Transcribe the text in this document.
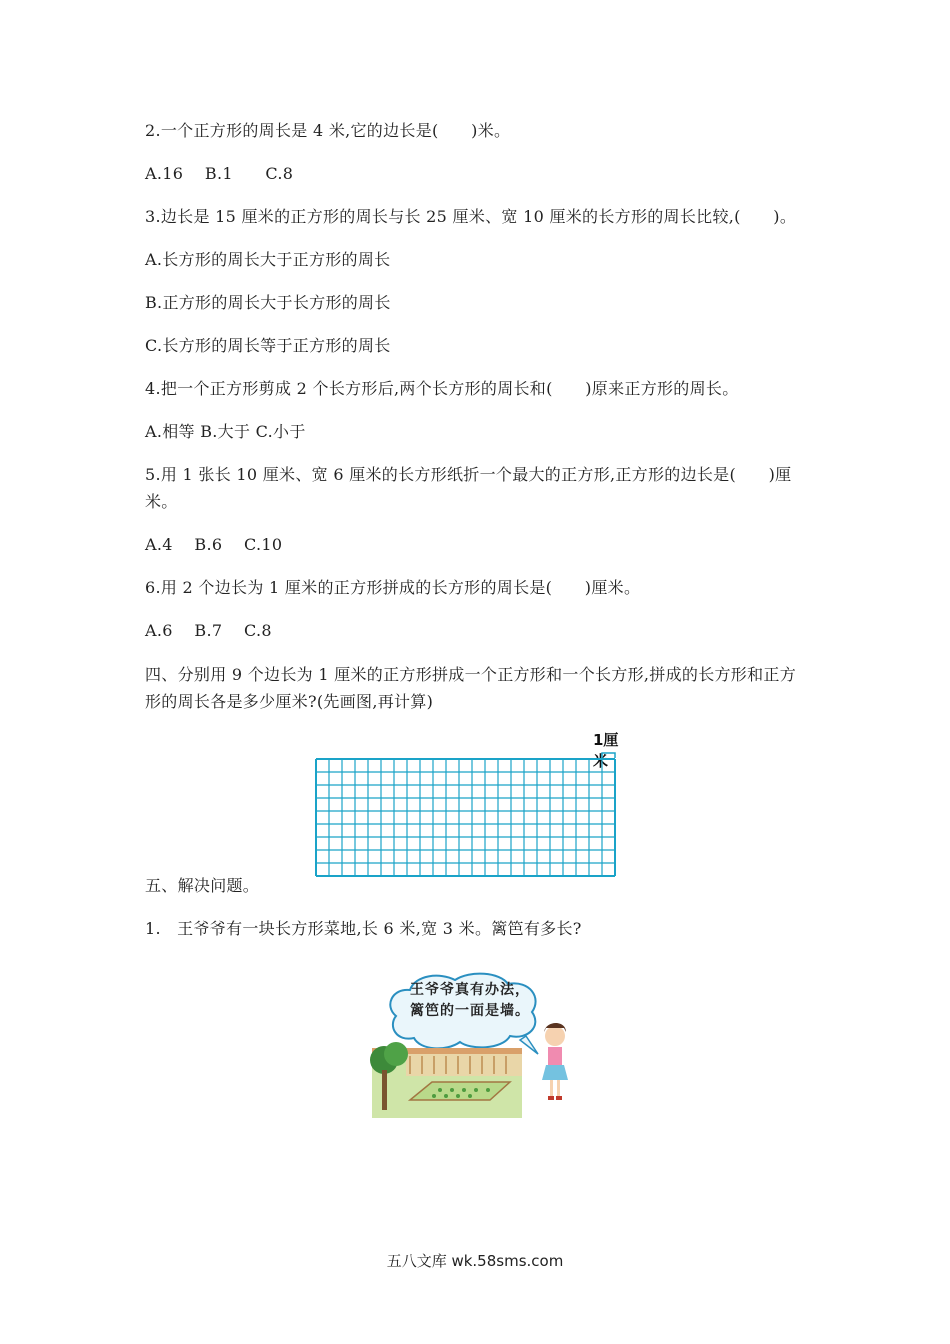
2.一个正方形的周长是 4 米,它的边长是(　　)米。
A.16　 B.1　　C.8
3.边长是 15 厘米的正方形的周长与长 25 厘米、宽 10 厘米的长方形的周长比较,(　　)。
A.长方形的周长大于正方形的周长
B.正方形的周长大于长方形的周长
C.长方形的周长等于正方形的周长
4.把一个正方形剪成 2 个长方形后,两个长方形的周长和(　　)原来正方形的周长。
A.相等 B.大于 C.小于
5.用 1 张长 10 厘米、宽 6 厘米的长方形纸折一个最大的正方形,正方形的边长是(　　)厘米。
A.4　 B.6　 C.10
6.用 2 个边长为 1 厘米的正方形拼成的长方形的周长是(　　)厘米。
A.6　 B.7　 C.8
四、分别用 9 个边长为 1 厘米的正方形拼成一个正方形和一个长方形,拼成的长方形和正方形的周长各是多少厘米?(先画图,再计算)
1厘米
五、解决问题。
1.　王爷爷有一块长方形菜地,长 6 米,宽 3 米。篱笆有多长?
王爷爷真有办法，篱笆的一面是墙。
五八文库 wk.58sms.com
